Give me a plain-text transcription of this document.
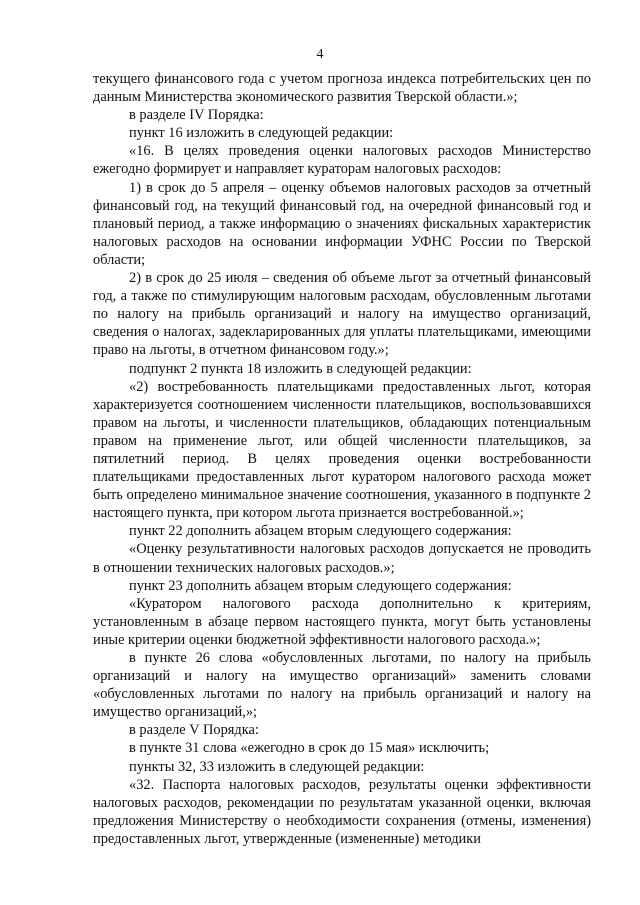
4

текущего финансового года с учетом прогноза индекса потребительских цен по данным Министерства экономического развития Тверской области.»;

в разделе IV Порядка:

пункт 16 изложить в следующей редакции:

«16. В целях проведения оценки налоговых расходов Министерство ежегодно формирует и направляет кураторам налоговых расходов:

1) в срок до 5 апреля – оценку объемов налоговых расходов за отчетный финансовый год, на текущий финансовый год, на очередной финансовый год и плановый период, а также информацию о значениях фискальных характеристик налоговых расходов на основании информации УФНС России по Тверской области;

2) в срок до 25 июля – сведения об объеме льгот за отчетный финансовый год, а также по стимулирующим налоговым расходам, обусловленным льготами по налогу на прибыль организаций и налогу на имущество организаций, сведения о налогах, задекларированных для уплаты плательщиками, имеющими право на льготы, в отчетном финансовом году.»;

подпункт 2 пункта 18 изложить в следующей редакции:

«2) востребованность плательщиками предоставленных льгот, которая характеризуется соотношением численности плательщиков, воспользовавшихся правом на льготы, и численности плательщиков, обладающих потенциальным правом на применение льгот, или общей численности плательщиков, за пятилетний период. В целях проведения оценки востребованности плательщиками предоставленных льгот куратором налогового расхода может быть определено минимальное значение соотношения, указанного в подпункте 2 настоящего пункта, при котором льгота признается востребованной.»;

пункт 22 дополнить абзацем вторым следующего содержания:

«Оценку результативности налоговых расходов допускается не проводить в отношении технических налоговых расходов.»;

пункт 23 дополнить абзацем вторым следующего содержания:

«Куратором налогового расхода дополнительно к критериям, установленным в абзаце первом настоящего пункта, могут быть установлены иные критерии оценки бюджетной эффективности налогового расхода.»;

в пункте 26 слова «обусловленных льготами, по налогу на прибыль организаций и налогу на имущество организаций» заменить словами «обусловленных льготами по налогу на прибыль организаций и налогу на имущество организаций,»;

в разделе V Порядка:

в пункте 31 слова «ежегодно в срок до 15 мая» исключить;

пункты 32, 33 изложить в следующей редакции:

«32. Паспорта налоговых расходов, результаты оценки эффективности налоговых расходов, рекомендации по результатам указанной оценки, включая предложения Министерству о необходимости сохранения (отмены, изменения) предоставленных льгот, утвержденные (измененные) методики
